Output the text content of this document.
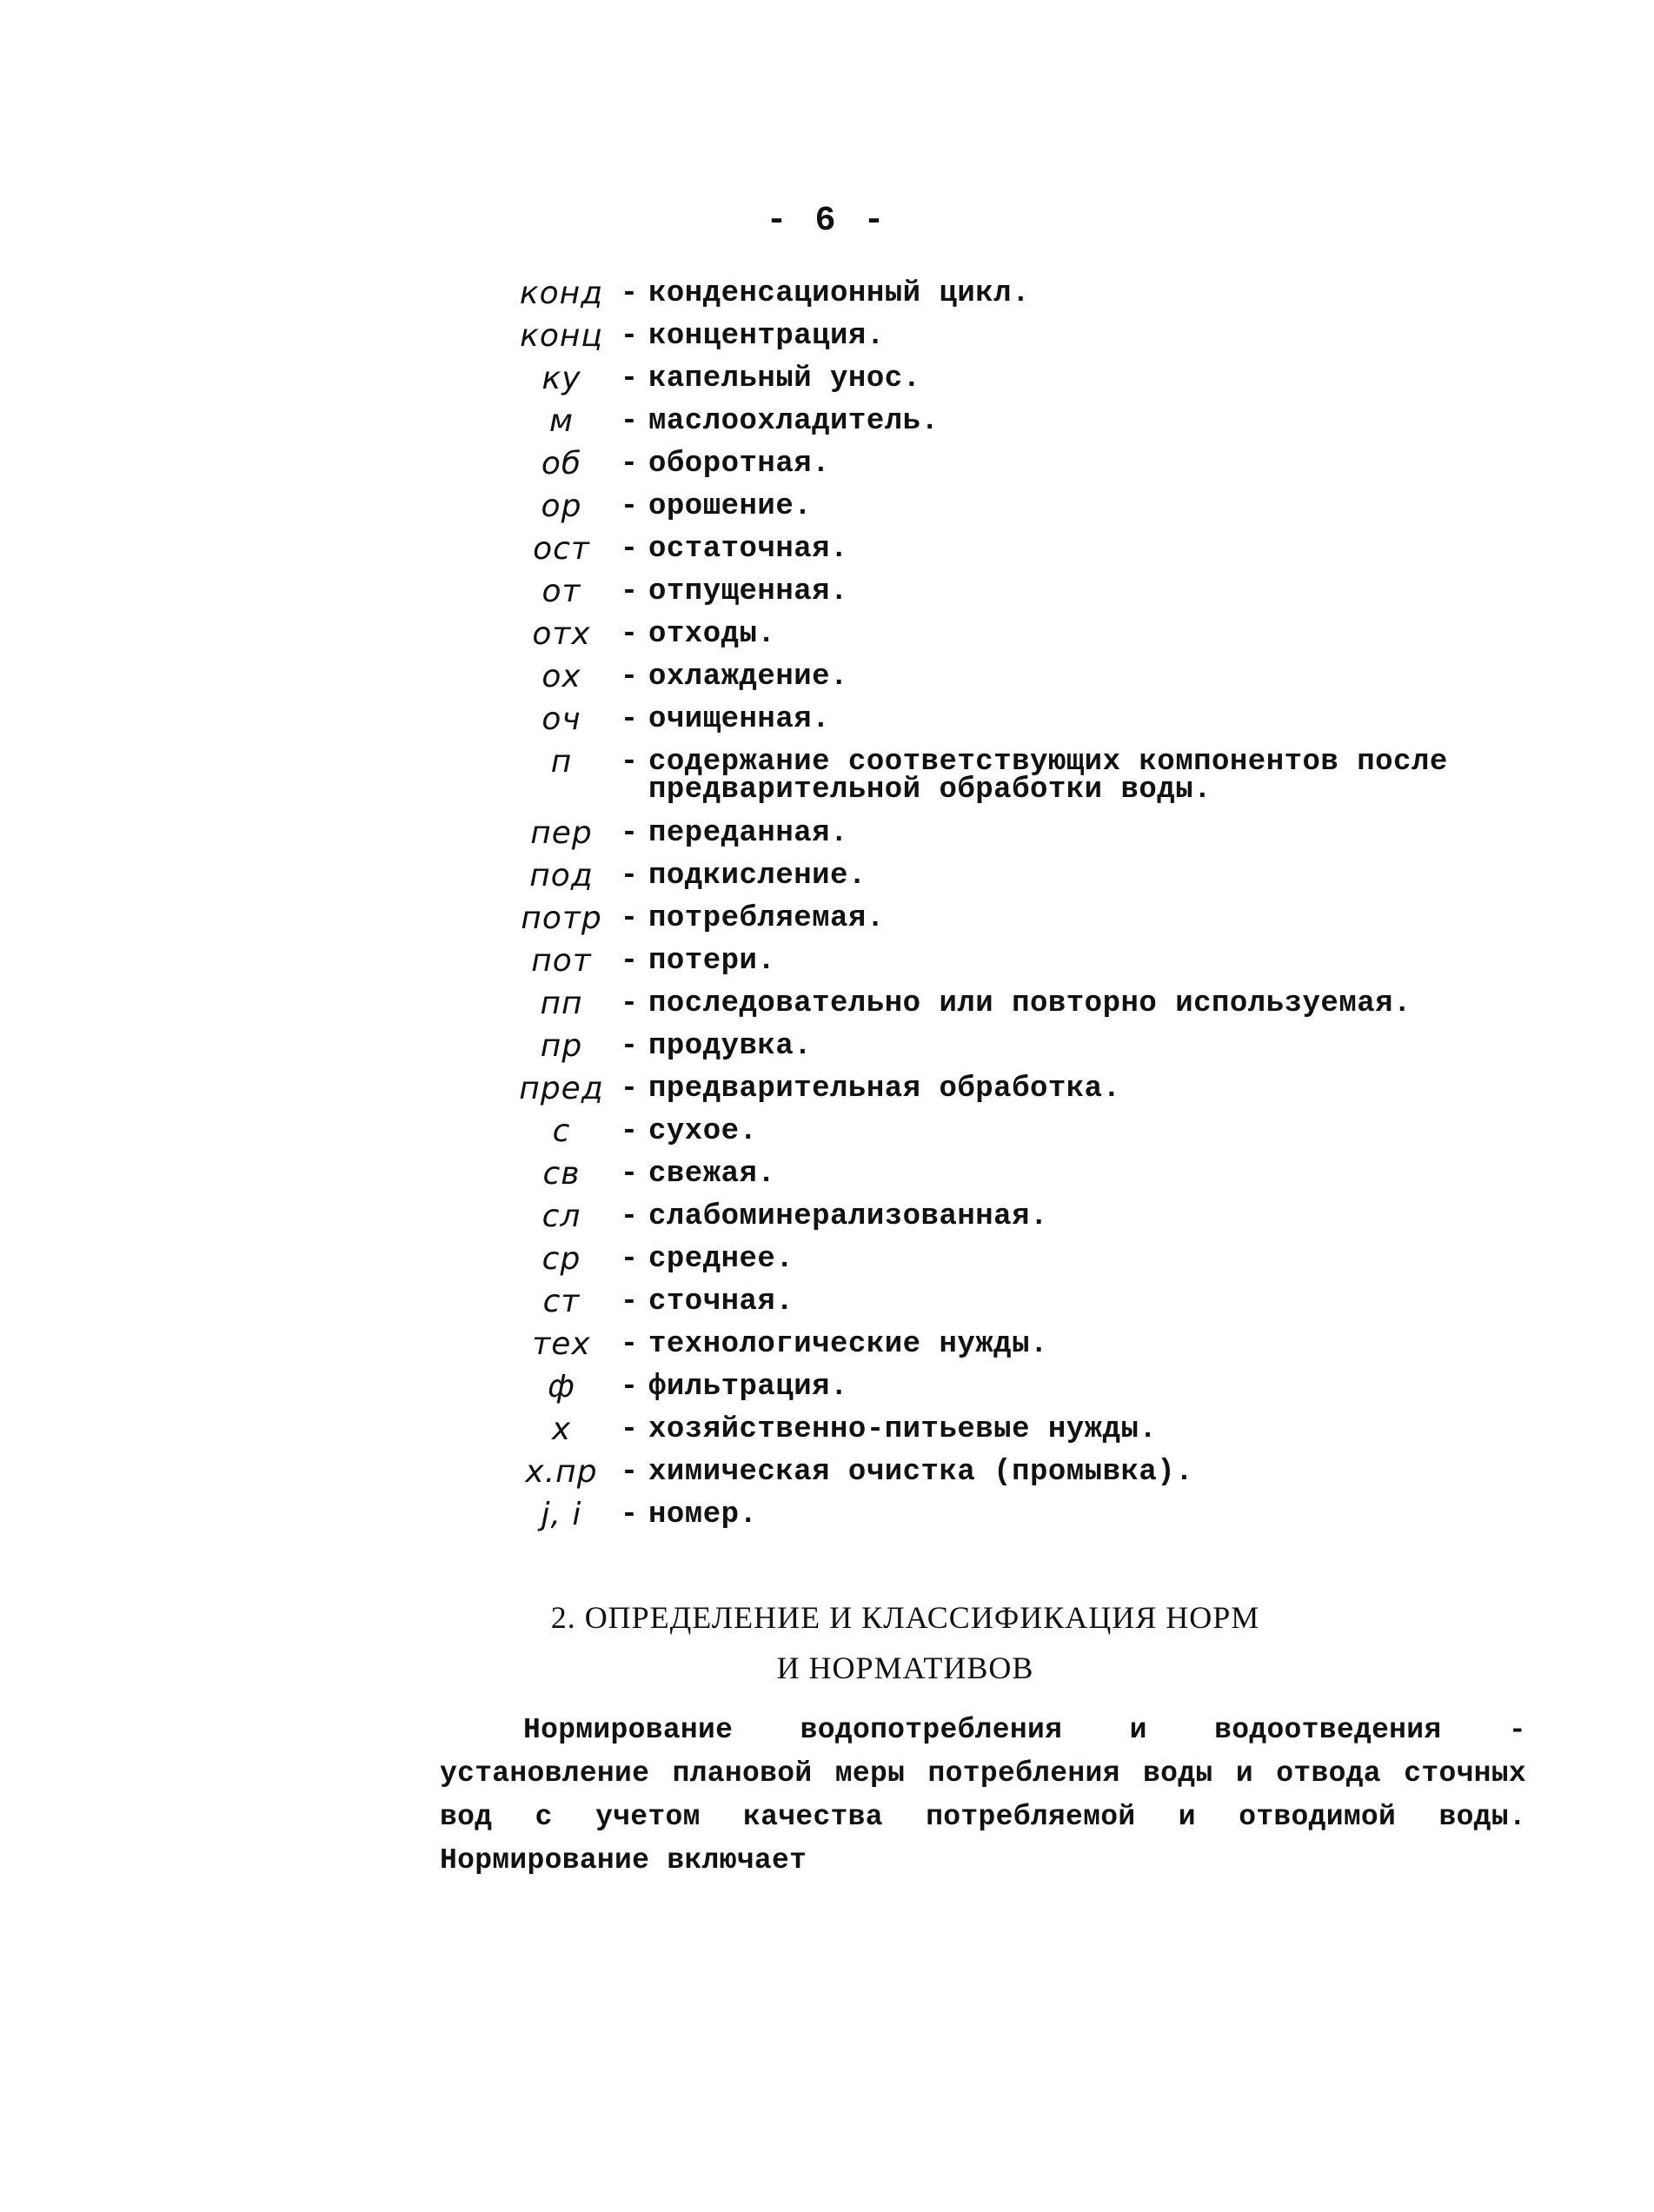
- 6 -
конд - конденсационный цикл.
конц - концентрация.
ку	- капельный унос.
м	- маслоохладитель.
об	- оборотная.
ор	- орошение.
ост	- остаточная.
от	- отпущенная.
отх	- отходы.
ох	- охлаждение.
оч	- очищенная.
п	- содержание соответствующих компонентов после предварительной обработки воды.
пер - переданная.
под - подкисление.
потр - потребляемая.
пот - потери.
пп	- последовательно или повторно используемая.
пр	- продувка.
пред - предварительная обработка.
с	- сухое.
св	- свежая.
сл	- слабоминерализованная.
ср	- среднее.
ст	- сточная.
тех	- технологические нужды.
ф	- фильтрация.
х	- хозяйственно-питьевые нужды.
х.пр - химическая очистка (промывка).
j, i	- номер.
2. ОПРЕДЕЛЕНИЕ И КЛАССИФИКАЦИЯ НОРМ
И НОРМАТИВОВ
Нормирование водопотребления и водоотведения - установление плановой меры потребления воды и отвода сточных вод с учетом качества потребляемой и отводимой воды. Нормирование включает
